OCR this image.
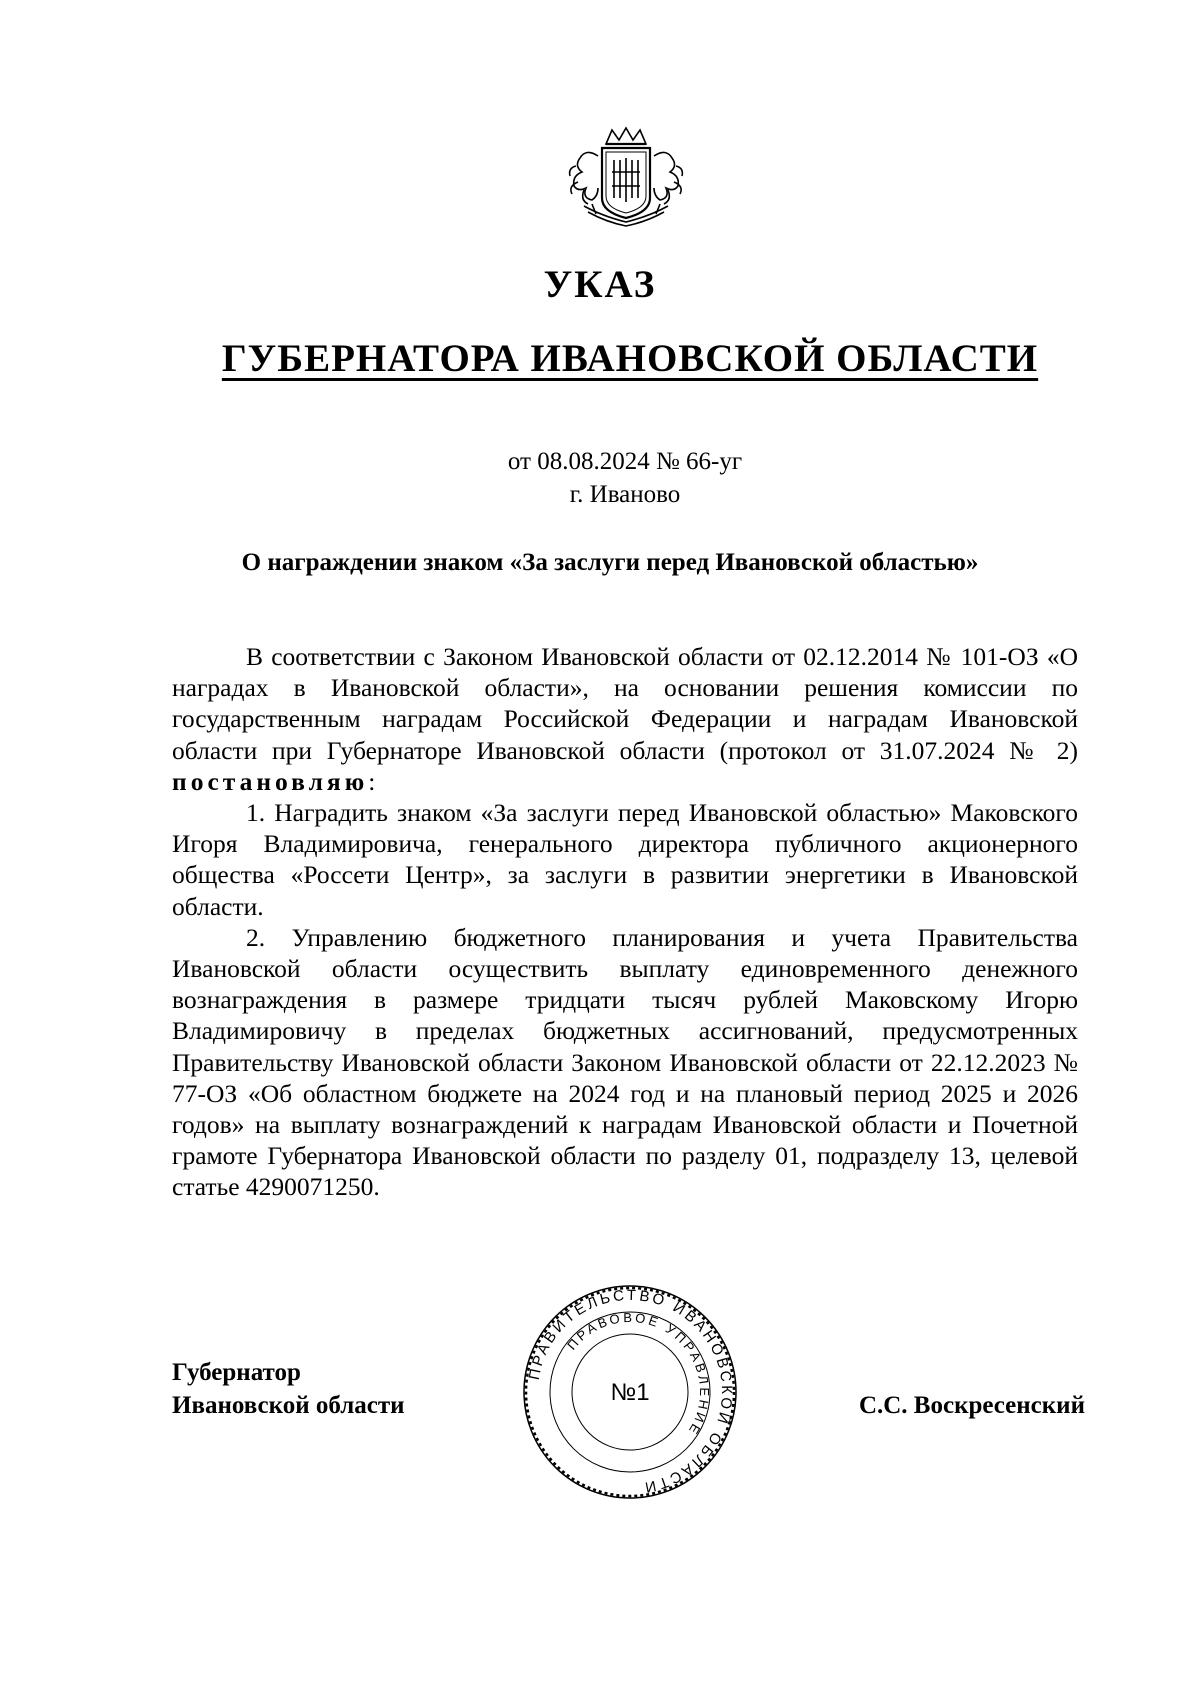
УКАЗ
ГУБЕРНАТОРА ИВАНОВСКОЙ ОБЛАСТИ
от 08.08.2024 № 66-уг
г. Иваново
О награждении знаком «За заслуги перед Ивановской областью»

В соответствии с Законом Ивановской области от 02.12.2014 № 101-ОЗ «О наградах в Ивановской области», на основании решения комиссии по государственным наградам Российской Федерации и наградам Ивановской области при Губернаторе Ивановской области (протокол от 31.07.2024 № 2) постановляю:

1. Наградить знаком «За заслуги перед Ивановской областью» Маковского Игоря Владимировича, генерального директора публичного акционерного общества «Россети Центр», за заслуги в развитии энергетики в Ивановской области.

2. Управлению бюджетного планирования и учета Правительства Ивановской области осуществить выплату единовременного денежного вознаграждения в размере тридцати тысяч рублей Маковскому Игорю Владимировичу в пределах бюджетных ассигнований, предусмотренных Правительству Ивановской области Законом Ивановской области от 22.12.2023 № 77-ОЗ «Об областном бюджете на 2024 год и на плановый период 2025 и 2026 годов» на выплату вознаграждений к наградам Ивановской области и Почетной грамоте Губернатора Ивановской области по разделу 01, подразделу 13, целевой статье 4290071250.

Губернатор
Ивановской области
ПРАВИТЕЛЬСТВО ИВАНОВСКОЙ ОБЛАСТИ
ПРАВОВОЕ УПРАВЛЕНИЕ
№1	С.С. Воскресенский
